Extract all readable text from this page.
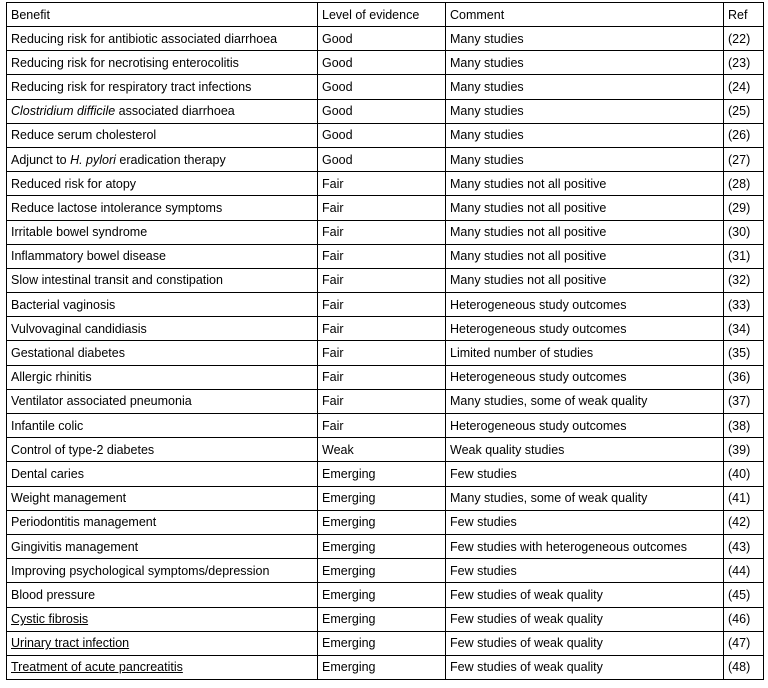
Benefit	Level of evidence	Comment	Ref
Reducing risk for antibiotic associated diarrhoea	Good	Many studies	(22)
Reducing risk for necrotising enterocolitis	Good	Many studies	(23)
Reducing risk for respiratory tract infections	Good	Many studies	(24)
Clostridium difficile associated diarrhoea	Good	Many studies	(25)
Reduce serum cholesterol	Good	Many studies	(26)
Adjunct to H. pylori eradication therapy	Good	Many studies	(27)
Reduced risk for atopy	Fair	Many studies not all positive	(28)
Reduce lactose intolerance symptoms	Fair	Many studies not all positive	(29)
Irritable bowel syndrome	Fair	Many studies not all positive	(30)
Inflammatory bowel disease	Fair	Many studies not all positive	(31)
Slow intestinal transit and constipation	Fair	Many studies not all positive	(32)
Bacterial vaginosis	Fair	Heterogeneous study outcomes	(33)
Vulvovaginal candidiasis	Fair	Heterogeneous study outcomes	(34)
Gestational diabetes	Fair	Limited number of studies	(35)
Allergic rhinitis	Fair	Heterogeneous study outcomes	(36)
Ventilator associated pneumonia	Fair	Many studies, some of weak quality	(37)
Infantile colic	Fair	Heterogeneous study outcomes	(38)
Control of type-2 diabetes	Weak	Weak quality studies	(39)
Dental caries	Emerging	Few studies	(40)
Weight management	Emerging	Many studies, some of weak quality	(41)
Periodontitis management	Emerging	Few studies	(42)
Gingivitis management	Emerging	Few studies with heterogeneous outcomes	(43)
Improving psychological symptoms/depression	Emerging	Few studies	(44)
Blood pressure	Emerging	Few studies of weak quality	(45)
Cystic fibrosis	Emerging	Few studies of weak quality	(46)
Urinary tract infection	Emerging	Few studies of weak quality	(47)
Treatment of acute pancreatitis	Emerging	Few studies of weak quality	(48)
